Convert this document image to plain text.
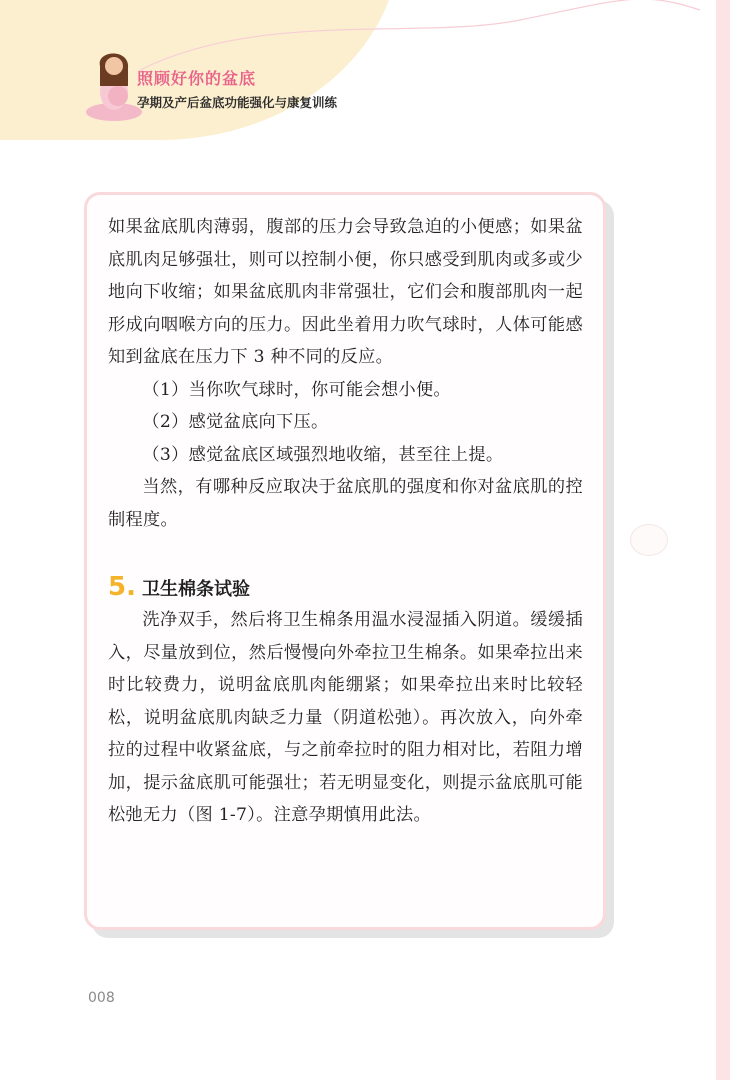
照顾好你的盆底
孕期及产后盆底功能强化与康复训练

如果盆底肌肉薄弱，腹部的压力会导致急迫的小便感；如果盆底肌肉足够强壮，则可以控制小便，你只感受到肌肉或多或少地向下收缩；如果盆底肌肉非常强壮，它们会和腹部肌肉一起形成向咽喉方向的压力。因此坐着用力吹气球时，人体可能感知到盆底在压力下 3 种不同的反应。

（1）当你吹气球时，你可能会想小便。

（2）感觉盆底向下压。

（3）感觉盆底区域强烈地收缩，甚至往上提。

当然，有哪种反应取决于盆底肌的强度和你对盆底肌的控制程度。

5. 卫生棉条试验

洗净双手，然后将卫生棉条用温水浸湿插入阴道。缓缓插入，尽量放到位，然后慢慢向外牵拉卫生棉条。如果牵拉出来时比较费力，说明盆底肌肉能绷紧；如果牵拉出来时比较轻松，说明盆底肌肉缺乏力量（阴道松弛）。再次放入，向外牵拉的过程中收紧盆底，与之前牵拉时的阻力相对比，若阻力增加，提示盆底肌可能强壮；若无明显变化，则提示盆底肌可能松弛无力（图 1-7）。注意孕期慎用此法。

008
